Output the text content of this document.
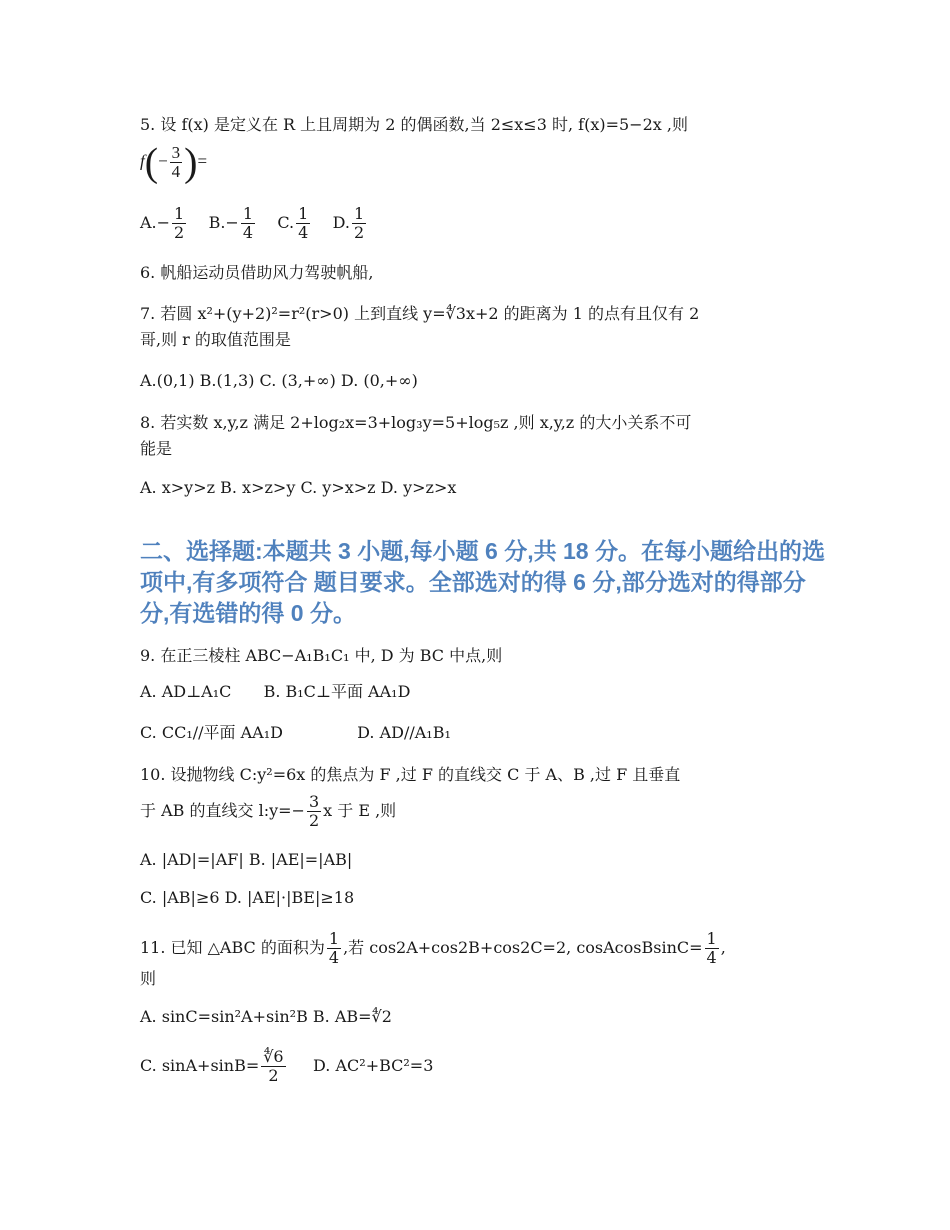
5. 设 f(x) 是定义在 R 上且周期为 2 的偶函数,当 2≤x≤3 时, f(x)=5−2x ,则
$f(- \frac{3}{4}$ )=
$A.- \frac{1}{2} B.- \frac{1}{4} C$. $\frac{1}{4} D$. $\frac{1}{2}$
6. 帆船运动员借助风力驾驶帆船,
7. 若圆 x²+(y+2)²=r²(r>0) 上到直线 y=∜3x+2 的距离为 1 的点有且仅有 2
哥,则 r 的取值范围是
A.(0,1) B.(1,3) C. (3,+∞) D. (0,+∞)
8. 若实数 x,y,z 满足 2+log₂x=3+log₃y=5+log₅z ,则 x,y,z 的大小关系不可
能是
A. x>y>z B. x>z>y C. y>x>z D. y>z>x
二、选择题:本题共 3 小题,每小题 6 分,共 18 分。在每小题给出的选项中,有多项符合 题目要求。全部选对的得 6 分,部分选对的得部分分,有选错的得 0 分。
9. 在正三棱柱 ABC−A₁B₁C₁ 中, D 为 BC 中点,则
A. AD⊥A₁C B. B₁C⊥平面 AA₁D
C. CC₁//平面 AA₁D	D. AD//A₁B₁
10. 设抛物线 C:y²=6x 的焦点为 F ,过 F 的直线交 C 于 A、B ,过 F 且垂直
于 AB 的直线交 l:y=− $\frac{3}{2}$ x 于 E ,则
A. |AD|=|AF| B. |AE|=|AB|
C. |AB|≥6 D. |AE|·|BE|≥18
11. 已知 △ABC 的面积为 $\frac{1}{4}$ ,若 cos2A+cos2B+cos2C=2, cosAcosBsinC= $\frac{1}{4}$ ,
则
A. sinC=sin²A+sin²B B. AB=∜2
C. $\sin A+\sin B= \frac{∜6}{2} D$. AC²+BC²=3
